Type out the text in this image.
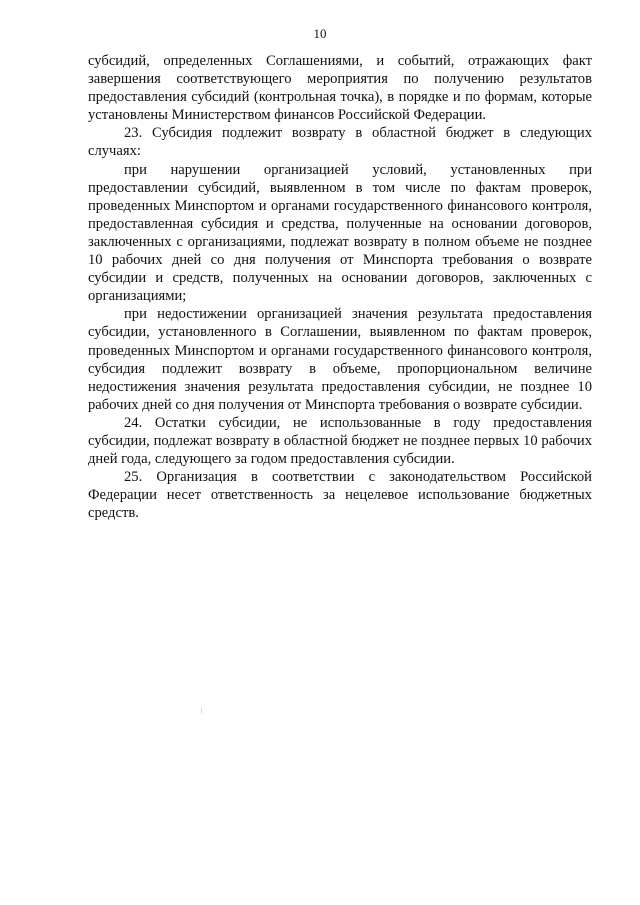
10

субсидий, определенных Соглашениями, и событий, отражающих факт завершения соответствующего мероприятия по получению результатов предоставления субсидий (контрольная точка), в порядке и по формам, которые установлены Министерством финансов Российской Федерации.

23. Субсидия подлежит возврату в областной бюджет в следующих случаях:

при нарушении организацией условий, установленных при предоставлении субсидий, выявленном в том числе по фактам проверок, проведенных Минспортом и органами государственного финансового контроля, предоставленная субсидия и средства, полученные на основании договоров, заключенных с организациями, подлежат возврату в полном объеме не позднее 10 рабочих дней со дня получения от Минспорта требования о возврате субсидии и средств, полученных на основании договоров, заключенных с организациями;

при недостижении организацией значения результата предоставления субсидии, установленного в Соглашении, выявленном по фактам проверок, проведенных Минспортом и органами государственного финансового контроля, субсидия подлежит возврату в объеме, пропорциональном величине недостижения значения результата предоставления субсидии, не позднее 10 рабочих дней со дня получения от Минспорта требования о возврате субсидии.

24. Остатки субсидии, не использованные в году предоставления субсидии, подлежат возврату в областной бюджет не позднее первых 10 рабочих дней года, следующего за годом предоставления субсидии.

25. Организация в соответствии с законодательством Российской Федерации несет ответственность за нецелевое использование бюджетных средств.
